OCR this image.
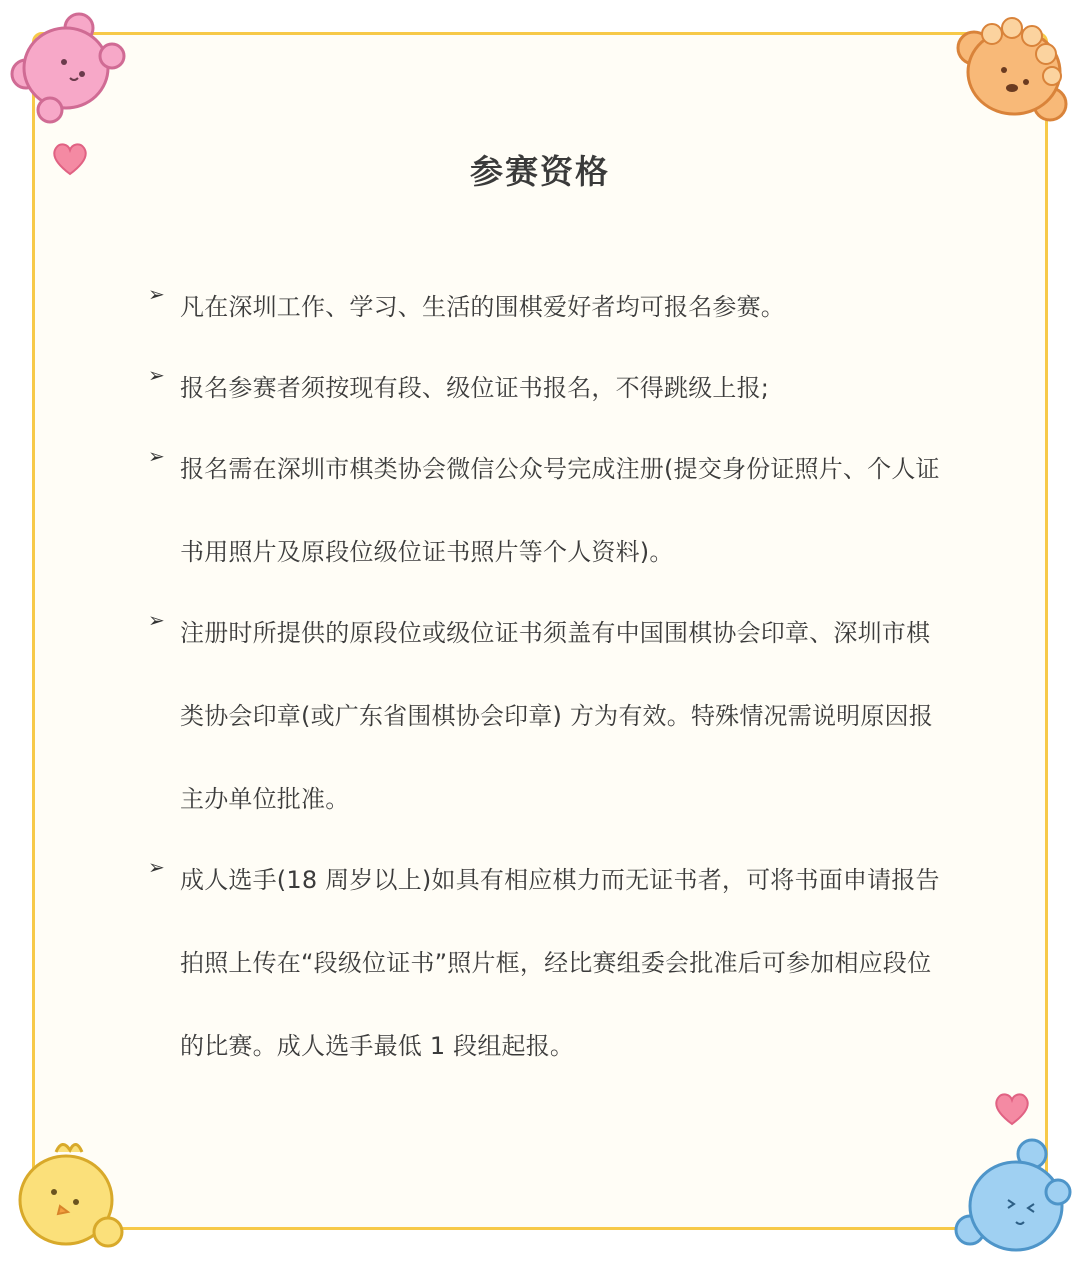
参赛资格
➢ 凡在深圳工作、学习、生活的围棋爱好者均可报名参赛。
➢ 报名参赛者须按现有段、级位证书报名，不得跳级上报;
➢ 报名需在深圳市棋类协会微信公众号完成注册(提交身份证照片、个人证书用照片及原段位级位证书照片等个人资料)。
➢ 注册时所提供的原段位或级位证书须盖有中国围棋协会印章、深圳市棋类协会印章(或广东省围棋协会印章) 方为有效。特殊情况需说明原因报主办单位批准。
➢ 成人选手(18 周岁以上)如具有相应棋力而无证书者，可将书面申请报告拍照上传在“段级位证书”照片框，经比赛组委会批准后可参加相应段位的比赛。成人选手最低 1 段组起报。
